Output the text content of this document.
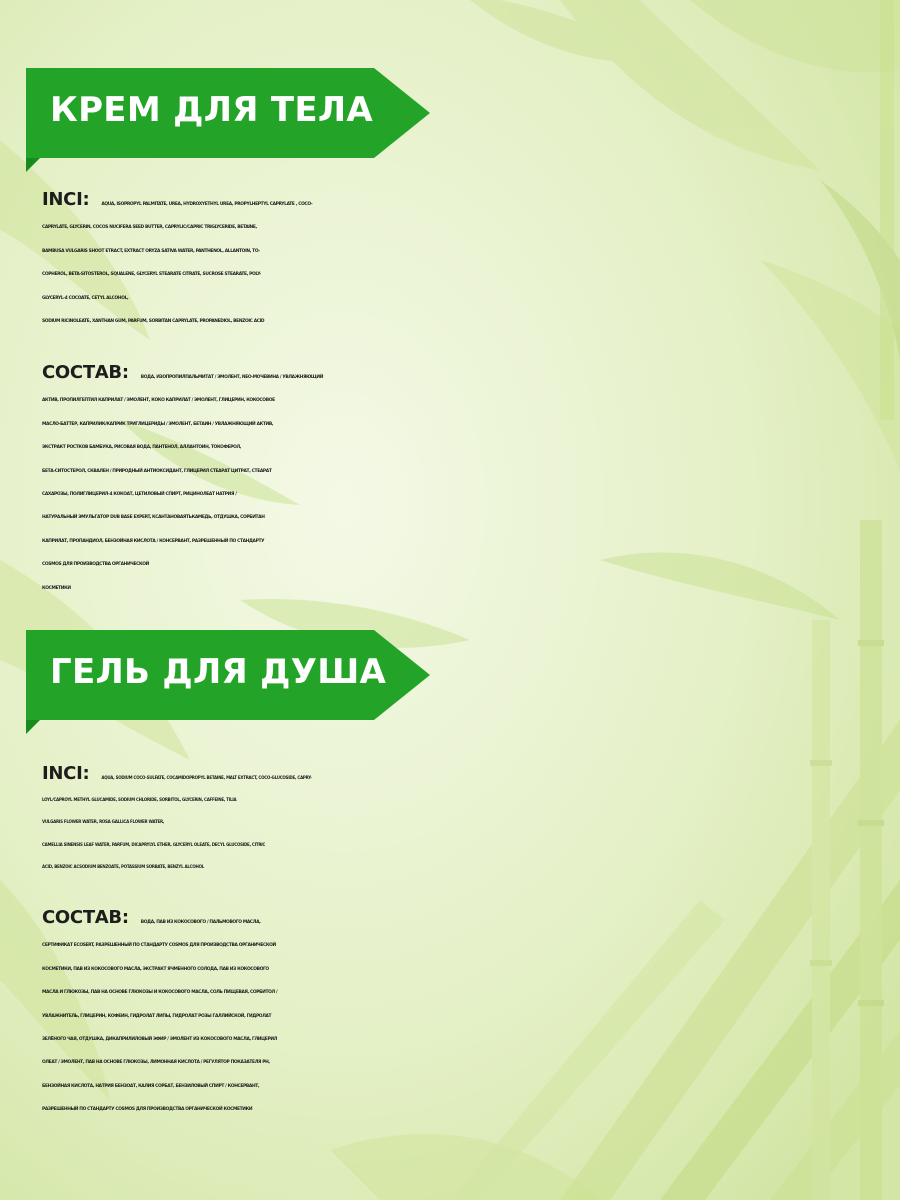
КРЕМ ДЛЯ ТЕЛА
INCI:	AQUA, ISOPROPYL PALMITATE, UREA, HYDROXYETHYL UREA, PROPYLHEPTYL CAPRYLATE , COCO-
CAPRYLATE, GLYCERIN, COCOS NUCIFERA SEED BUTTER, CAPRYLIC/CAPRIC TRIGLYCERIDE, BETAINE,
BAMBUSA VULGARIS SHOOT ETRACT, EXTRACT ORYZA SATIVA WATER, PANTHENOL, ALLANTOIN, TO-
COPHEROL, BETA-SITOSTEROL, SQUALENE, GLYCERYL STEARATE CITRATE, SUCROSE STEARATE, POLY-
GLYCERYL-4 COCOATE, CETYL ALCOHOL,
SODIUM RICINOLEATE, XANTHAN GUM, PARFUM, SORBITAN CAPRYLATE, PROPANEDIOL, BENZOIC ACID
СОСТАВ:	ВОДА, ИЗОПРОПИЛПАЛЬМИТАТ / ЭМОЛЕНТ, NEO-МОЧЕВИНА / УВЛАЖНЯЮЩИЙ
АКТИВ, ПРОПИЛГЕПТИЛ КАПРИЛАТ / ЭМОЛЕНТ, КОКО КАПРИЛАТ / ЭМОЛЕНТ, ГЛИЦЕРИН, КОКОСОВОЕ
МАСЛО-БАТТЕР, КАПРИЛИК/КАПРИК ТРИГЛИЦЕРИДЫ / ЭМОЛЕНТ, БЕТАИН / УВЛАЖНЯЮЩИЙ АКТИВ,
ЭКСТРАКТ РОСТКОВ БАМБУКА, РИСОВАЯ ВОДА, ПАНТЕНОЛ, АЛЛАНТОИН, ТОКОФЕРОЛ,
БЕТА-СИТОСТЕРОЛ, СКВАЛЕН / ПРИРОДНЫЙ АНТИОКСИДАНТ, ГЛИЦЕРИЛ СТЕАРАТ ЦИТРАТ, СТЕАРАТ
САХАРОЗЫ, ПОЛИГЛИЦЕРИЛ-4 КОКОАТ, ЦЕТИЛОВЫЙ СПИРТ, РИЦИНОЛЕАТ НАТРИЯ /
НАТУРАЛЬНЫЙ ЭМУЛЬГАТОР DUB BASE EXPERT, КСАНТАНОВАЯТЬКАМЕДЬ, ОТДУШКА, СОРБИТАН
КАПРИЛАТ, ПРОПАНДИОЛ, БЕНЗОЙНАЯ КИСЛОТА / КОНСЕРВАНТ, РАЗРЕШЕННЫЙ ПО СТАНДАРТУ
COSMOS ДЛЯ ПРОИЗВОДСТВА ОРГАНИЧЕСКОЙ
КОСМЕТИКИ
ГЕЛЬ ДЛЯ ДУША
INCI:	AQUA, SODIUM COCO-SULFATE, COCAMIDOPROPYL BETAINE, MALT EXTRACT, COCO-GLUCOSIDE, CAPRY-
LOYL/CAPROYL METHYL GLUCAMIDE, SODIUM CHLORIDE, SORBITOL, GLYCERIN, CAFFEINE, TILIA
VULGARIS FLOWER WATER, ROSA GALLICA FLOWER WATER,
CAMELLIA SINENSIS LEAF WATER, PARFUM, DICAPRYLYL ETHER, GLYCERYL OLEATE, DECYL GLUCOSIDE, CITRIC
ACID, BENZOIC ACSODIUM BENZOATE, POTASSIUM SORBATE, BENZYL ALCOHOL
СОСТАВ:	ВОДА, ПАВ ИЗ КОКОСОВОГО / ПАЛЬМОВОГО МАСЛА,
СЕРТИФИКАТ ECOSERT, РАЗРЕШЕННЫЙ ПО СТАНДАРТУ COSMOS ДЛЯ ПРОИЗВОДСТВА ОРГАНИЧЕСКОЙ
КОСМЕТИКИ, ПАВ ИЗ КОКОСОВОГО МАСЛА, ЭКСТРАКТ ЯЧМЕННОГО СОЛОДА, ПАВ ИЗ КОКОСОВОГО
МАСЛА И ГЛЮКОЗЫ, ПАВ НА ОСНОВЕ ГЛЮКОЗЫ И КОКОСОВОГО МАСЛА, СОЛЬ ПИЩЕВАЯ, СОРБИТОЛ /
УВЛАЖНИТЕЛЬ, ГЛИЦЕРИН, КОФЕИН, ГИДРОЛАТ ЛИПЫ, ГИДРОЛАТ РОЗЫ ГАЛЛИЙСКОЙ, ГИДРОЛАТ
ЗЕЛЁНОГО ЧАЯ, ОТДУШКА, ДИКАПРИЛИЛОВЫЙ ЭФИР / ЭМОЛЕНТ ИЗ КОКОСОВОГО МАСЛА, ГЛИЦЕРИЛ
ОЛЕАТ / ЭМОЛЕНТ, ПАВ НА ОСНОВЕ ГЛЮКОЗЫ, ЛИМОННАЯ КИСЛОТА / РЕГУЛЯТОР ПОКАЗАТЕЛЯ PH,
БЕНЗОЙНАЯ КИСЛОТА, НАТРИЯ БЕНЗОАТ, КАЛИЯ СОРБАТ, БЕНЗИЛОВЫЙ СПИРТ / КОНСЕРВАНТ,
РАЗРЕШЕННЫЙ ПО СТАНДАРТУ COSMOS ДЛЯ ПРОИЗВОДСТВА ОРГАНИЧЕСКОЙ КОСМЕТИКИ
